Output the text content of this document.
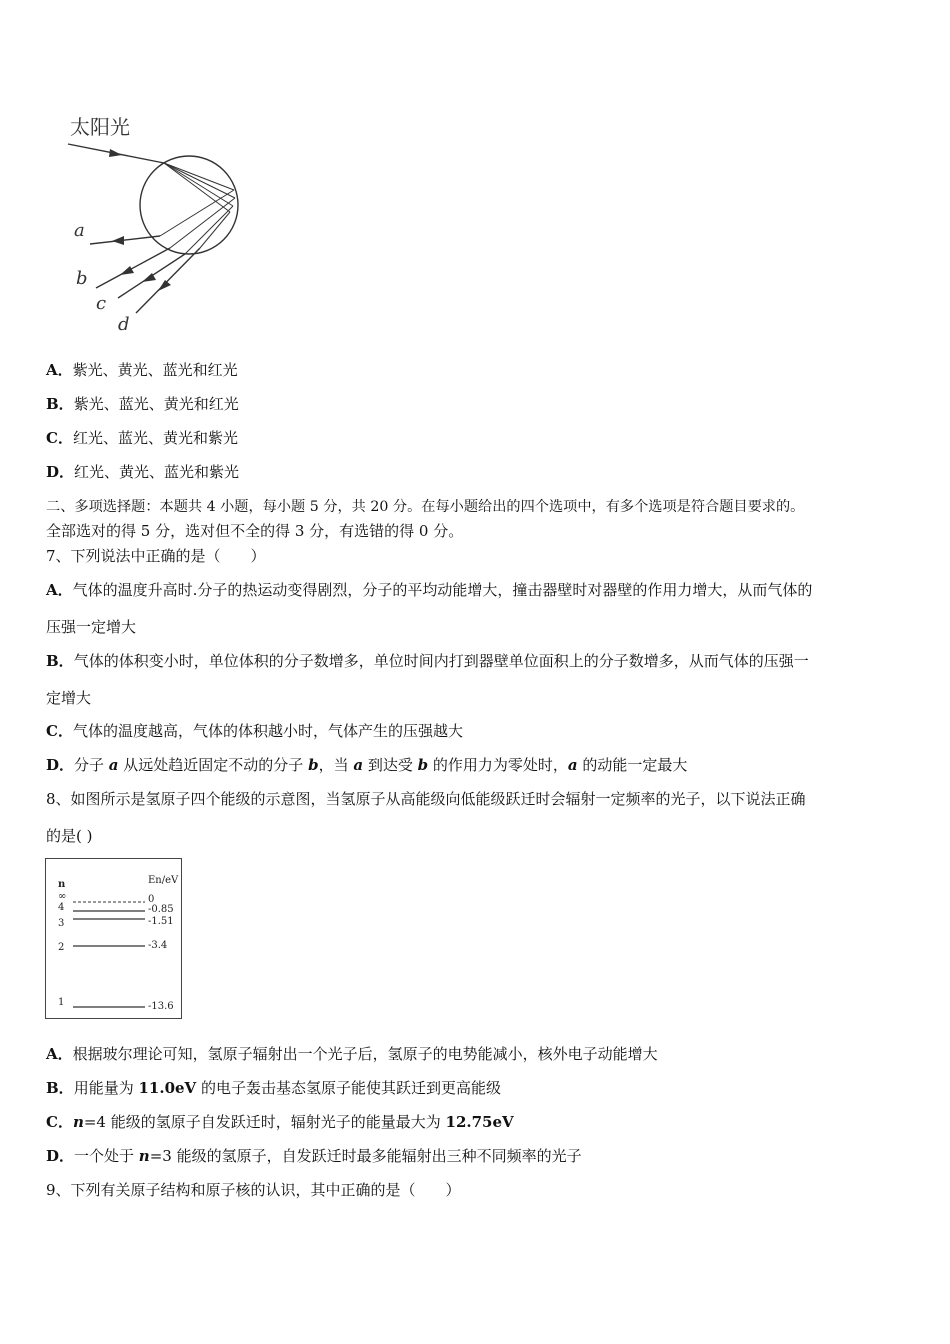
太阳光
a
b
c
d
A．紫光、黄光、蓝光和红光
B．紫光、蓝光、黄光和红光
C．红光、蓝光、黄光和紫光
D．红光、黄光、蓝光和紫光
二、多项选择题：本题共 4 小题，每小题 5 分，共 20 分。在每小题给出的四个选项中，有多个选项是符合题目要求的。
全部选对的得 5 分，选对但不全的得 3 分，有选错的得 0 分。
7、下列说法中正确的是（　　）
A．气体的温度升高时.分子的热运动变得剧烈，分子的平均动能增大，撞击器壁时对器壁的作用力增大，从而气体的
压强一定增大
B．气体的体积变小时，单位体积的分子数增多，单位时间内打到器壁单位面积上的分子数增多，从而气体的压强一
定增大
C．气体的温度越高，气体的体积越小时，气体产生的压强越大
D．分子 a 从远处趋近固定不动的分子 b，当 a 到达受 b 的作用力为零处时，a 的动能一定最大
8、如图所示是氢原子四个能级的示意图，当氢原子从高能级向低能级跃迁时会辐射一定频率的光子，以下说法正确
的是( )
n	En/eV
∞	0
4	-0.85
3	-1.51
2	-3.4
1	-13.6
A．根据玻尔理论可知，氢原子辐射出一个光子后，氢原子的电势能减小，核外电子动能增大
B．用能量为 11.0eV 的电子轰击基态氢原子能使其跃迁到更高能级
C．n=4 能级的氢原子自发跃迁时，辐射光子的能量最大为 12.75eV
D．一个处于 n=3 能级的氢原子，自发跃迁时最多能辐射出三种不同频率的光子
9、下列有关原子结构和原子核的认识，其中正确的是（　　）
